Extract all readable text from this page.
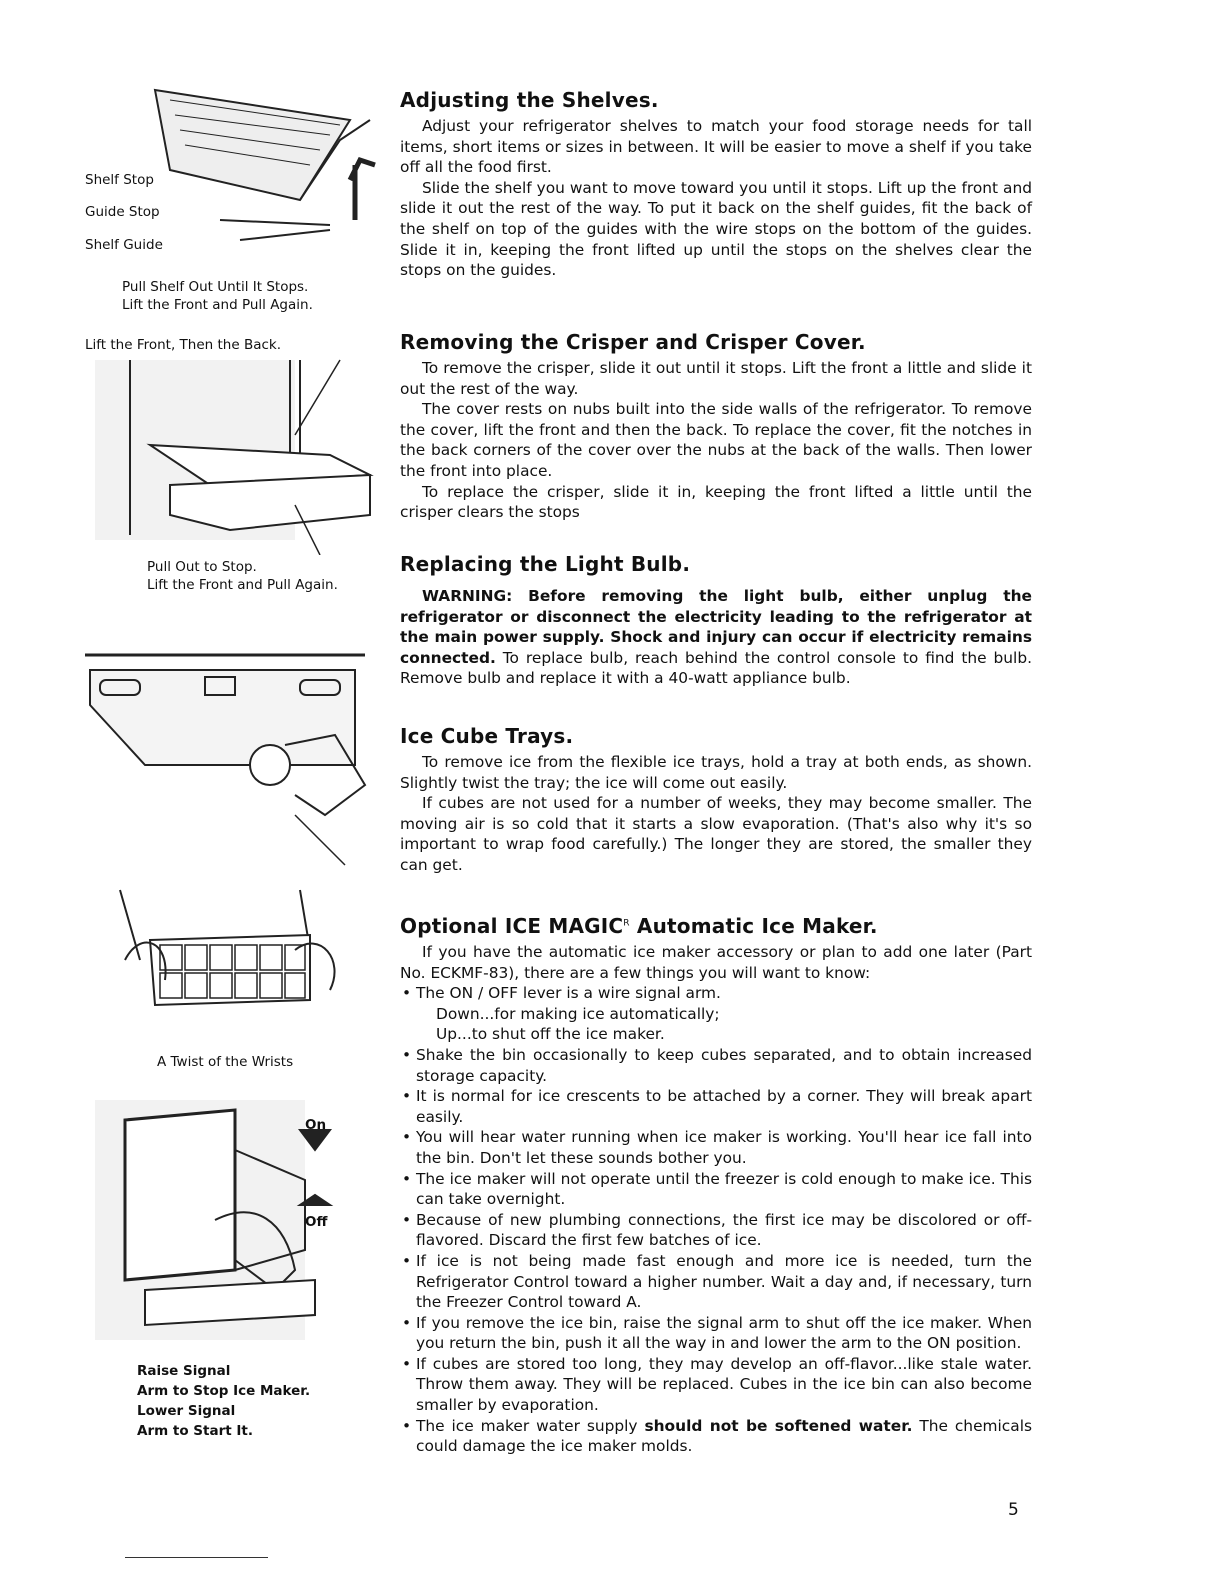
Shelf Stop
Guide Stop
Shelf Guide
Pull Shelf Out Until It Stops.
Lift the Front and Pull Again.
Lift the Front, Then the Back.
Pull Out to Stop.
Lift the Front and Pull Again.
A Twist of the Wrists
On
Off
Raise Signal
Arm to Stop Ice Maker.
Lower Signal
Arm to Start It.
Adjusting the Shelves.

Adjust your refrigerator shelves to match your food storage needs for tall items, short items or sizes in between. It will be easier to move a shelf if you take off all the food first.

Slide the shelf you want to move toward you until it stops. Lift up the front and slide it out the rest of the way. To put it back on the shelf guides, fit the back of the shelf on top of the guides with the wire stops on the bottom of the guides. Slide it in, keeping the front lifted up until the stops on the shelves clear the stops on the guides.

Removing the Crisper and Crisper Cover.

To remove the crisper, slide it out until it stops. Lift the front a little and slide it out the rest of the way.

The cover rests on nubs built into the side walls of the refrigerator. To remove the cover, lift the front and then the back. To replace the cover, fit the notches in the back corners of the cover over the nubs at the back of the walls. Then lower the front into place.

To replace the crisper, slide it in, keeping the front lifted a little until the crisper clears the stops

Replacing the Light Bulb.

WARNING: Before removing the light bulb, either unplug the refrigerator or disconnect the electricity leading to the refrigerator at the main power supply. Shock and injury can occur if electricity remains connected. To replace bulb, reach behind the control console to find the bulb. Remove bulb and replace it with a 40-watt appliance bulb.

Ice Cube Trays.

To remove ice from the flexible ice trays, hold a tray at both ends, as shown. Slightly twist the tray; the ice will come out easily.

If cubes are not used for a number of weeks, they may become smaller. The moving air is so cold that it starts a slow evaporation. (That's also why it's so important to wrap food carefully.) The longer they are stored, the smaller they can get.

Optional ICE $MAGIC^R$ Automatic Ice Maker.

If you have the automatic ice maker accessory or plan to add one later (Part No. ECKMF-83), there are a few things you will want to know:

• The ON / OFF lever is a wire signal arm.
Down...for making ice automatically;
Up...to shut off the ice maker.
• Shake the bin occasionally to keep cubes separated, and to obtain increased storage capacity.
• It is normal for ice crescents to be attached by a corner. They will break apart easily.
• You will hear water running when ice maker is working. You'll hear ice fall into the bin. Don't let these sounds bother you.
• The ice maker will not operate until the freezer is cold enough to make ice. This can take overnight.
• Because of new plumbing connections, the first ice may be discolored or off-flavored. Discard the first few batches of ice.
• If ice is not being made fast enough and more ice is needed, turn the Refrigerator Control toward a higher number. Wait a day and, if necessary, turn the Freezer Control toward A.
• If you remove the ice bin, raise the signal arm to shut off the ice maker. When you return the bin, push it all the way in and lower the arm to the ON position.
• If cubes are stored too long, they may develop an off-flavor...like stale water. Throw them away. They will be replaced. Cubes in the ice bin can also become smaller by evaporation.
• The ice maker water supply should not be softened water. The chemicals could damage the ice maker molds.
5
